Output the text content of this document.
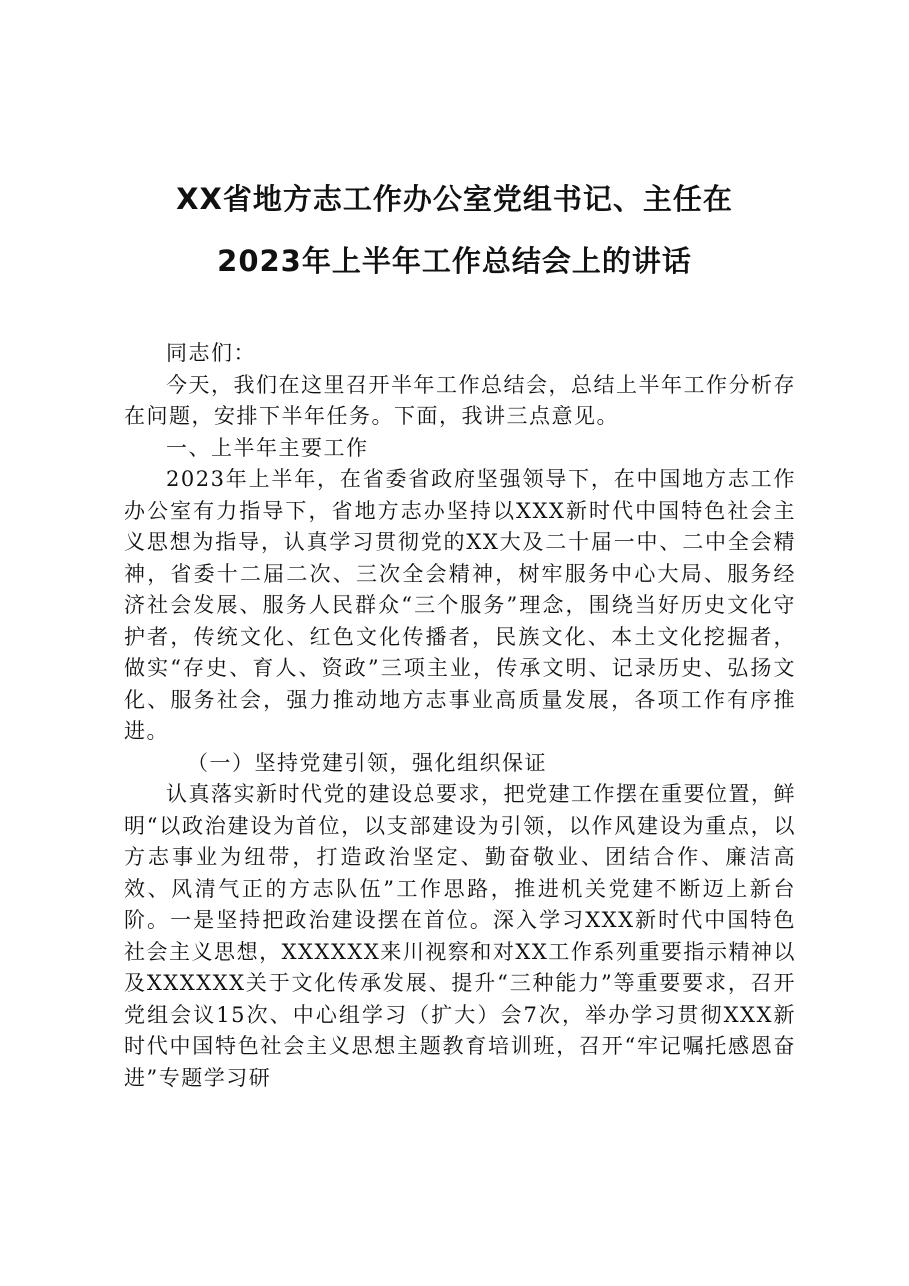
XX省地方志工作办公室党组书记、主任在
2023年上半年工作总结会上的讲话

同志们：

今天，我们在这里召开半年工作总结会，总结上半年工作分析存在问题，安排下半年任务。下面，我讲三点意见。

一、上半年主要工作

2023年上半年，在省委省政府坚强领导下，在中国地方志工作办公室有力指导下，省地方志办坚持以XXX新时代中国特色社会主义思想为指导，认真学习贯彻党的XX大及二十届一中、二中全会精神，省委十二届二次、三次全会精神，树牢服务中心大局、服务经济社会发展、服务人民群众“三个服务”理念，围绕当好历史文化守护者，传统文化、红色文化传播者，民族文化、本土文化挖掘者，做实“存史、育人、资政”三项主业，传承文明、记录历史、弘扬文化、服务社会，强力推动地方志事业高质量发展，各项工作有序推进。

（一）坚持党建引领，强化组织保证

认真落实新时代党的建设总要求，把党建工作摆在重要位置，鲜明“以政治建设为首位，以支部建设为引领，以作风建设为重点，以方志事业为纽带，打造政治坚定、勤奋敬业、团结合作、廉洁高效、风清气正的方志队伍”工作思路，推进机关党建不断迈上新台阶。一是坚持把政治建设摆在首位。深入学习XXX新时代中国特色社会主义思想，XXXXXX来川视察和对XX工作系列重要指示精神以及XXXXXX关于文化传承发展、提升“三种能力”等重要要求，召开党组会议15次、中心组学习（扩大）会7次，举办学习贯彻XXX新时代中国特色社会主义思想主题教育培训班，召开“牢记嘱托感恩奋进”专题学习研
